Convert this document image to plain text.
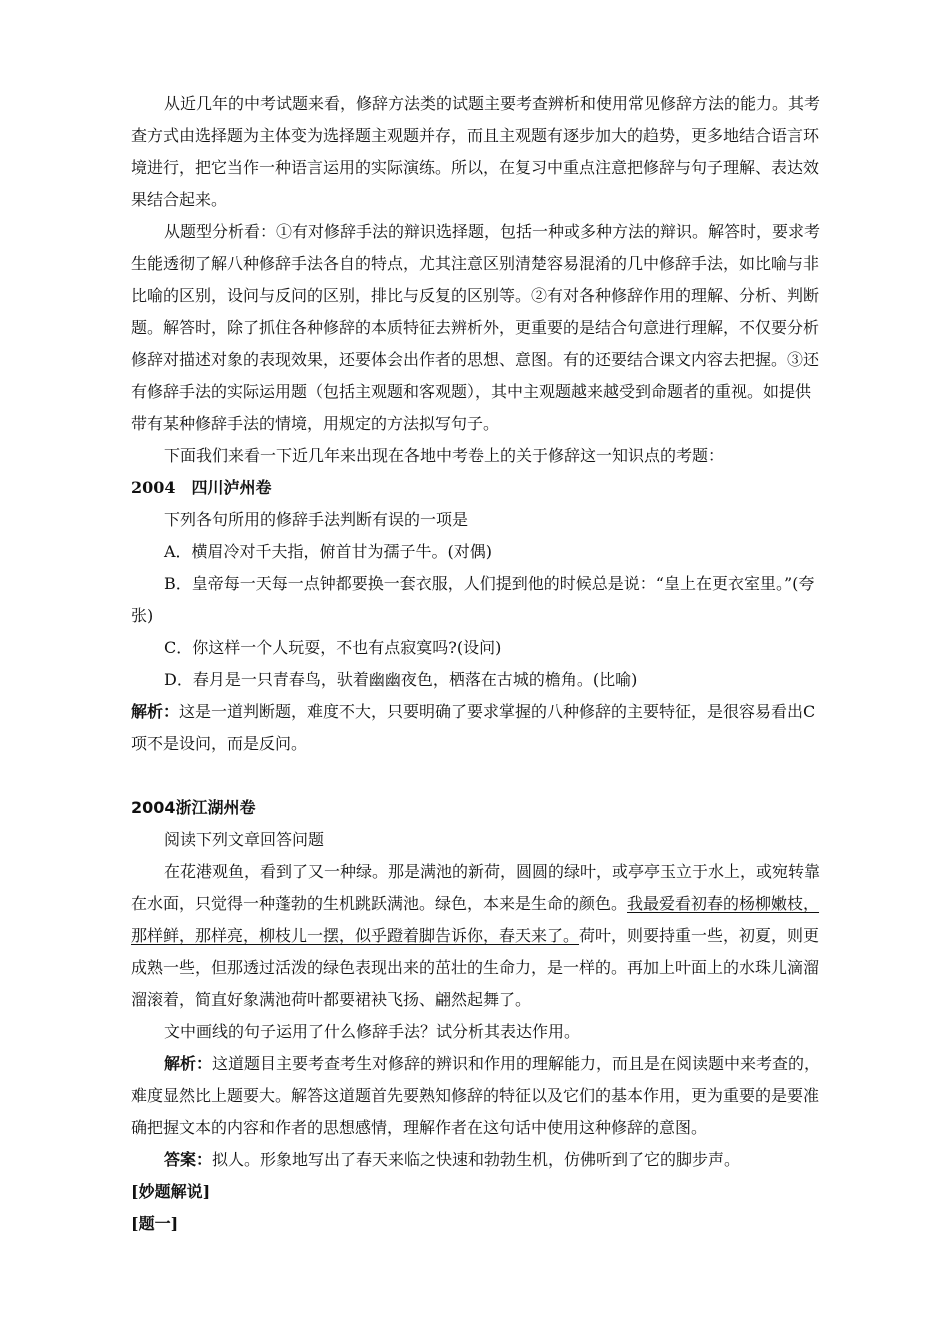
从近几年的中考试题来看，修辞方法类的试题主要考查辨析和使用常见修辞方法的能力。其考查方式由选择题为主体变为选择题主观题并存，而且主观题有逐步加大的趋势，更多地结合语言环境进行，把它当作一种语言运用的实际演练。所以，在复习中重点注意把修辞与句子理解、表达效果结合起来。

从题型分析看：①有对修辞手法的辩识选择题，包括一种或多种方法的辩识。解答时，要求考生能透彻了解八种修辞手法各自的特点，尤其注意区别清楚容易混淆的几中修辞手法，如比喻与非比喻的区别，设问与反问的区别，排比与反复的区别等。②有对各种修辞作用的理解、分析、判断题。解答时，除了抓住各种修辞的本质特征去辨析外，更重要的是结合句意进行理解，不仅要分析修辞对描述对象的表现效果，还要体会出作者的思想、意图。有的还要结合课文内容去把握。③还有修辞手法的实际运用题（包括主观题和客观题），其中主观题越来越受到命题者的重视。如提供带有某种修辞手法的情境，用规定的方法拟写句子。

下面我们来看一下近几年来出现在各地中考卷上的关于修辞这一知识点的考题：

2004　四川泸州卷

下列各句所用的修辞手法判断有误的一项是

A．横眉冷对千夫指，俯首甘为孺子牛。(对偶)

B．皇帝每一天每一点钟都要换一套衣服，人们提到他的时候总是说：“皇上在更衣室里。”(夸张)

C．你这样一个人玩耍，不也有点寂寞吗?(设问)

D．春月是一只青春鸟，驮着幽幽夜色，栖落在古城的檐角。(比喻)

解析：这是一道判断题，难度不大，只要明确了要求掌握的八种修辞的主要特征，是很容易看出C项不是设问，而是反问。

2004浙江湖州卷

阅读下列文章回答问题

在花港观鱼，看到了又一种绿。那是满池的新荷，圆圆的绿叶，或亭亭玉立于水上，或宛转靠在水面，只觉得一种蓬勃的生机跳跃满池。绿色，本来是生命的颜色。我最爱看初春的杨柳嫩枝，那样鲜，那样亮，柳枝儿一摆，似乎蹬着脚告诉你，春天来了。荷叶，则要持重一些，初夏，则更成熟一些，但那透过活泼的绿色表现出来的茁壮的生命力，是一样的。再加上叶面上的水珠儿滴溜溜滚着，简直好象满池荷叶都要裙袂飞扬、翩然起舞了。

文中画线的句子运用了什么修辞手法？试分析其表达作用。

解析：这道题目主要考查考生对修辞的辨识和作用的理解能力，而且是在阅读题中来考查的，难度显然比上题要大。解答这道题首先要熟知修辞的特征以及它们的基本作用，更为重要的是要准确把握文本的内容和作者的思想感情，理解作者在这句话中使用这种修辞的意图。

答案：拟人。形象地写出了春天来临之快速和勃勃生机，仿佛听到了它的脚步声。

[妙题解说]

[题一]
